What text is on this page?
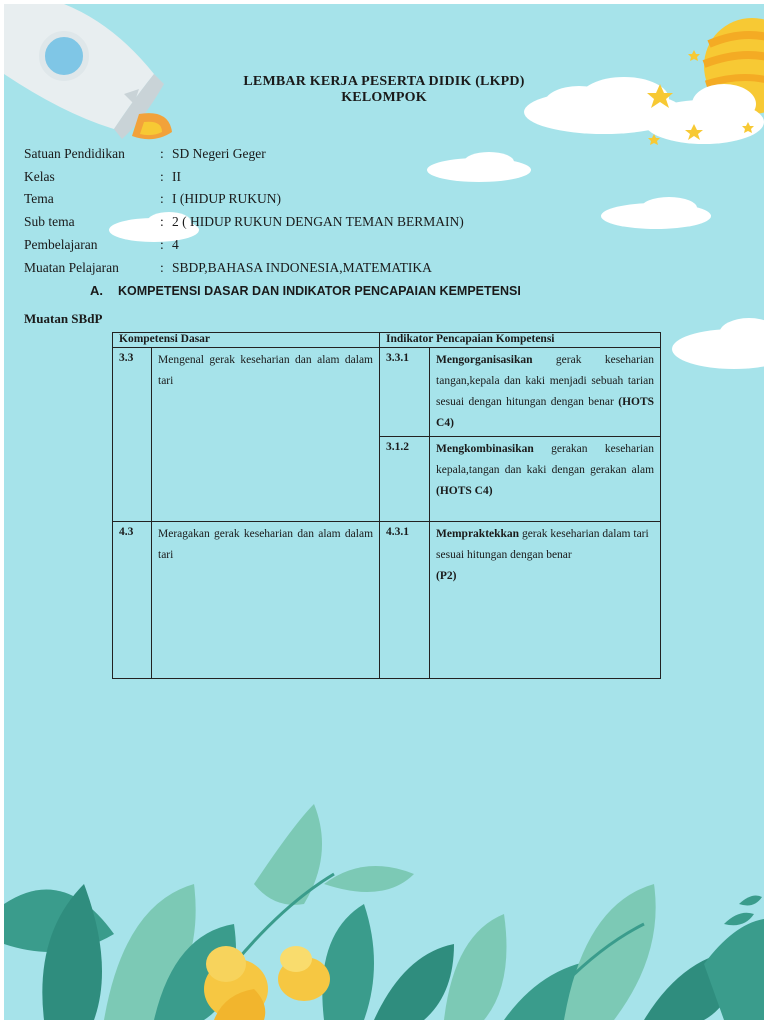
LEMBAR KERJA PESERTA DIDIK (LKPD)
KELOMPOK
Satuan Pendidikan	: SD Negeri Geger
Kelas	: II
Tema	: I (HIDUP RUKUN)
Sub tema	: 2 ( HIDUP RUKUN DENGAN TEMAN BERMAIN)
Pembelajaran	: 4
Muatan Pelajaran	: SBDP,BAHASA INDONESIA,MATEMATIKA
A. KOMPETENSI DASAR DAN INDIKATOR PENCAPAIAN KEMPETENSI
Muatan SBdP
Kompetensi Dasar		Indikator Pencapaian Kompetensi	
3.3	Mengenal gerak keseharian dan alam dalam tari	3.3.1	Mengorganisasikan gerak keseharian tangan,kepala dan kaki menjadi sebuah tarian sesuai dengan hitungan dengan benar (HOTS C4)
		3.1.2	Mengkombinasikan gerakan keseharian kepala,tangan dan kaki dengan gerakan alam (HOTS C4)
4.3	Meragakan gerak keseharian dan alam dalam tari	4.3.1	Mempraktekkan gerak keseharian dalam tari sesuai hitungan dengan benar
(P2)
